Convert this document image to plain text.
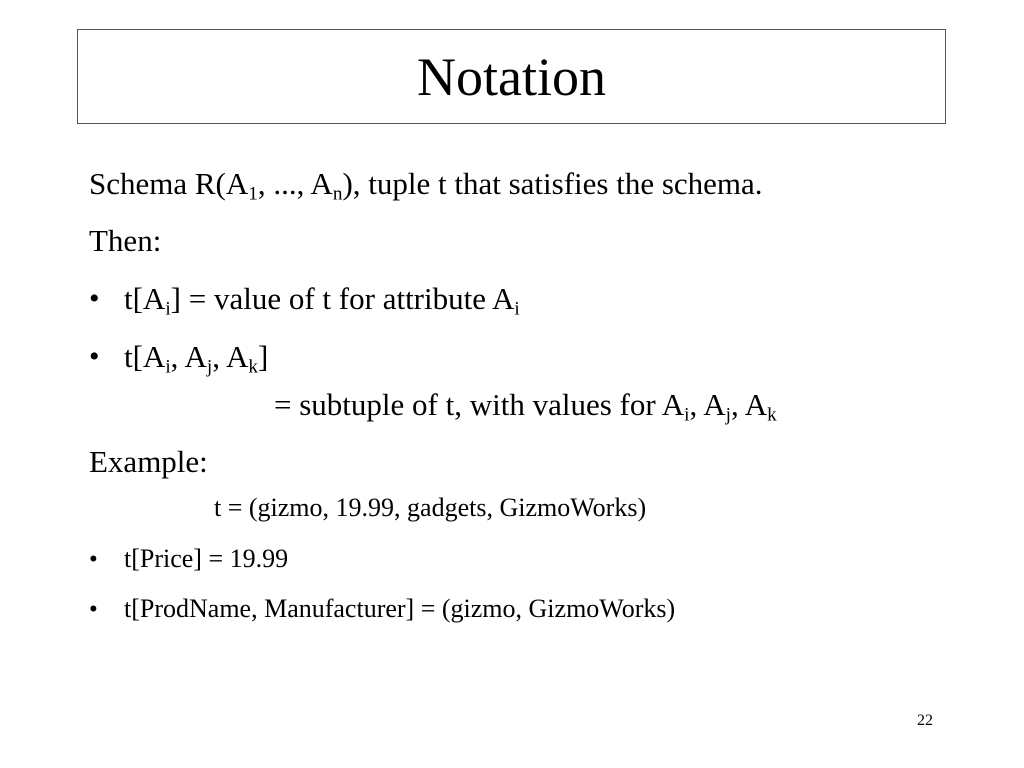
Notation
Schema $R(A_1$, ..., $A_n$), tuple t that satisfies the schema.
Then:
• $t[A_i]$ = value of t for attribute $A_i$
• $t[A_i$, $A_j$, $A_k$]
= subtuple of t, with values for $A_i$, $A_j$, $A_k$
Example:
t = (gizmo, 19.99, gadgets, GizmoWorks)
• t[Price] = 19.99
• t[ProdName, Manufacturer] = (gizmo, GizmoWorks)
22
